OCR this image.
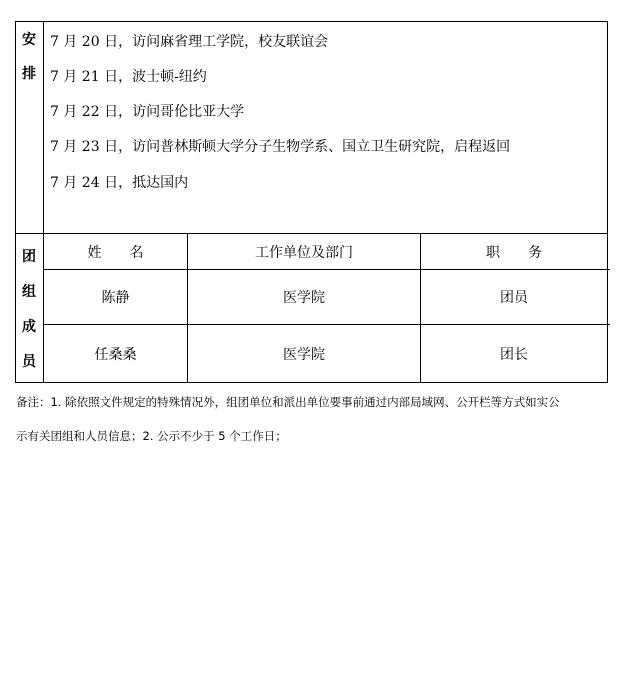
安
排
7 月 20 日，访问麻省理工学院，校友联谊会
7 月 21 日，波士顿-纽约
7 月 22 日，访问哥伦比亚大学
7 月 23 日，访问普林斯顿大学分子生物学系、国立卫生研究院，启程返回
7 月 24 日，抵达国内
团
组
成
员
姓　　名	工作单位及部门	职　　务
陈静	医学院	团员
任桑桑	医学院	团长
备注：1. 除依照文件规定的特殊情况外，组团单位和派出单位要事前通过内部局域网、公开栏等方式如实公
示有关团组和人员信息；2. 公示不少于 5 个工作日；
